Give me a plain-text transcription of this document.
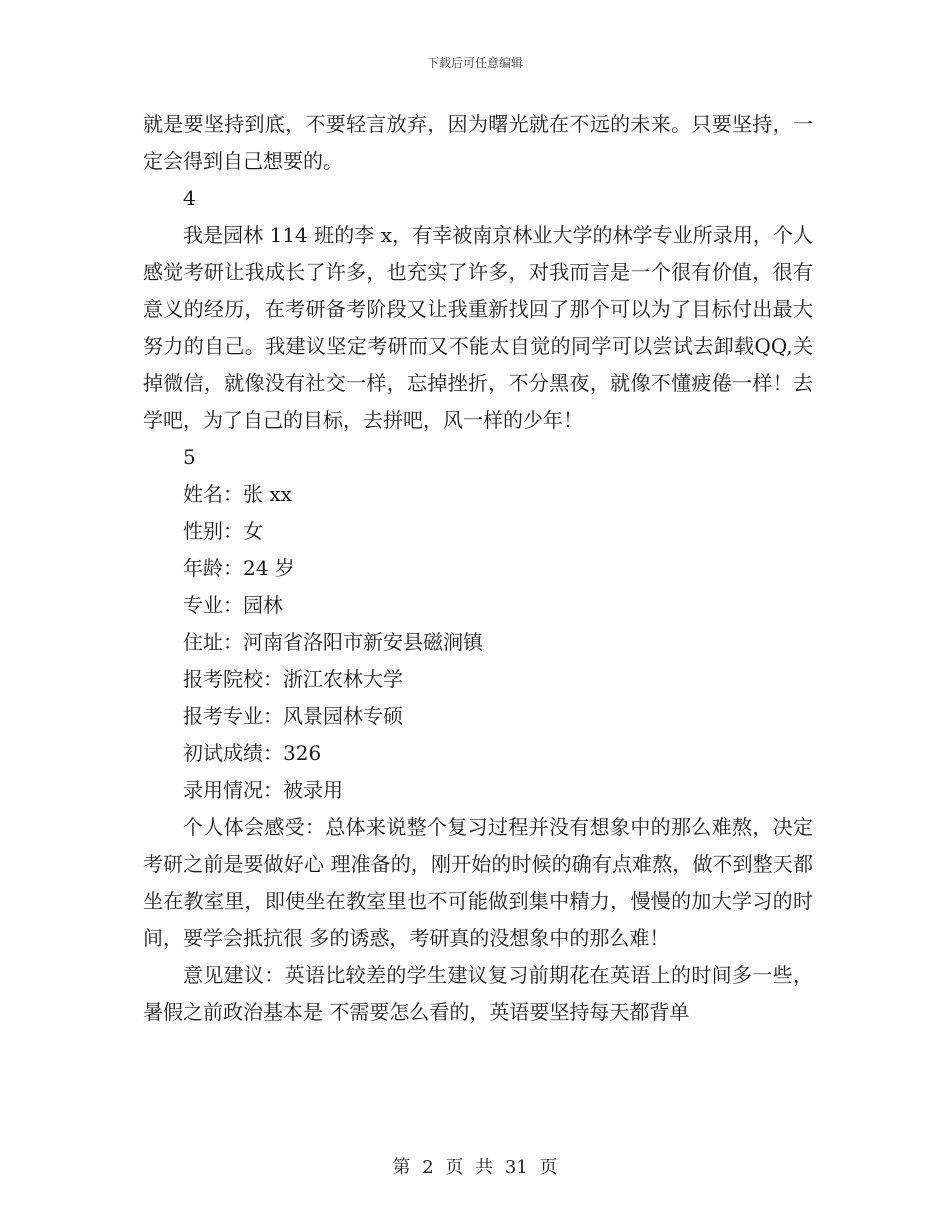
下载后可任意编辑

就是要坚持到底，不要轻言放弃，因为曙光就在不远的未来。只要坚持，一定会得到自己想要的。

4

我是园林 114 班的李 x，有幸被南京林业大学的林学专业所录用，个人感觉考研让我成长了许多，也充实了许多，对我而言是一个很有价值，很有意义的经历，在考研备考阶段又让我重新找回了那个可以为了目标付出最大努力的自己。我建议坚定考研而又不能太自觉的同学可以尝试去卸载QQ,关掉微信，就像没有社交一样，忘掉挫折，不分黑夜，就像不懂疲倦一样！去学吧，为了自己的目标，去拼吧，风一样的少年！

5

姓名：张 xx

性别：女

年龄：24 岁

专业：园林

住址：河南省洛阳市新安县磁涧镇

报考院校：浙江农林大学

报考专业：风景园林专硕

初试成绩：326

录用情况：被录用

个人体会感受：总体来说整个复习过程并没有想象中的那么难熬，决定考研之前是要做好心 理准备的，刚开始的时候的确有点难熬，做不到整天都坐在教室里，即使坐在教室里也不可能做到集中精力，慢慢的加大学习的时间，要学会抵抗很 多的诱惑，考研真的没想象中的那么难！

意见建议：英语比较差的学生建议复习前期花在英语上的时间多一些，暑假之前政治基本是 不需要怎么看的，英语要坚持每天都背单

第 2 页 共 31 页
